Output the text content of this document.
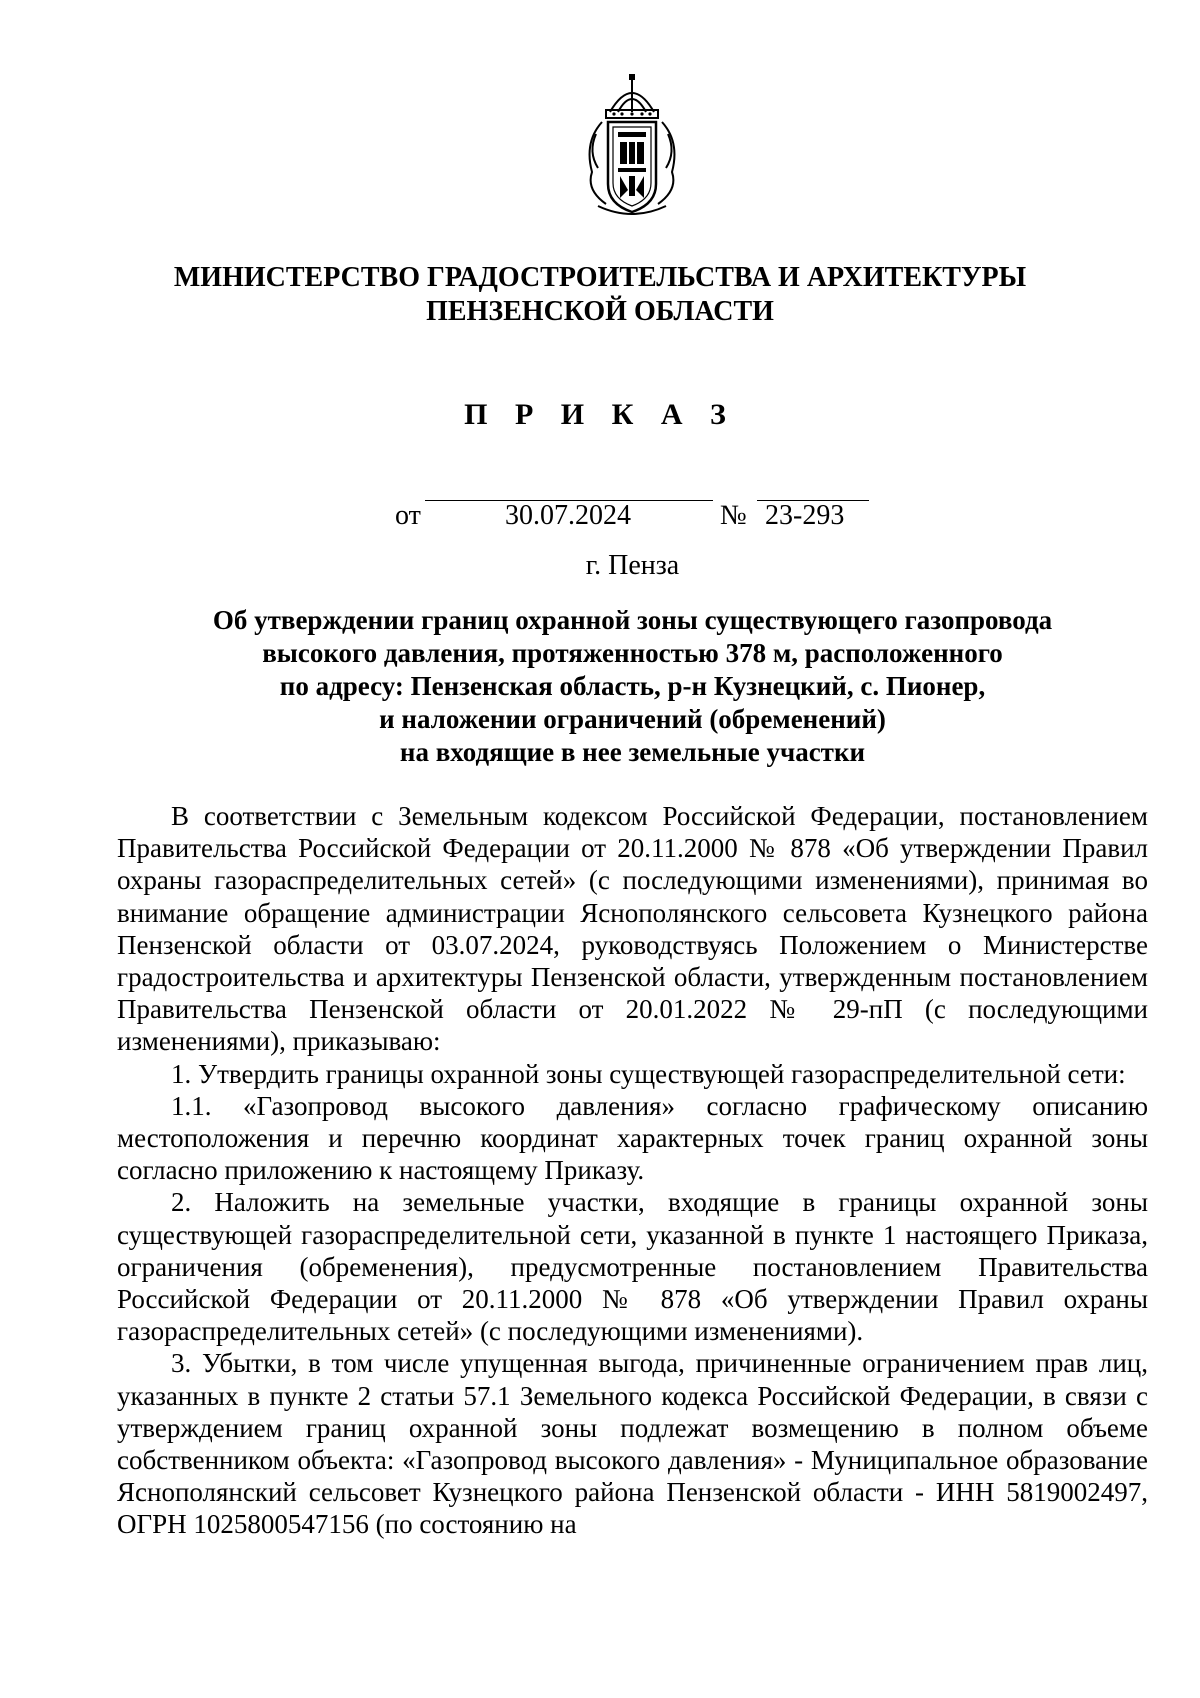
МИНИСТЕРСТВО ГРАДОСТРОИТЕЛЬСТВА И АРХИТЕКТУРЫ
ПЕНЗЕНСКОЙ ОБЛАСТИ
П Р И К А З
от	30.07.2024	№ 23-293
г. Пенза
Об утверждении границ охранной зоны существующего газопровода
высокого давления, протяженностью 378 м, расположенного
по адресу: Пензенская область, р-н Кузнецкий, с. Пионер,
и наложении ограничений (обременений)
на входящие в нее земельные участки

В соответствии с Земельным кодексом Российской Федерации, постановлением Правительства Российской Федерации от 20.11.2000 № 878 «Об утверждении Правил охраны газораспределительных сетей» (с последующими изменениями), принимая во внимание обращение администрации Яснополянского сельсовета Кузнецкого района Пензенской области от 03.07.2024, руководствуясь Положением о Министерстве градостроительства и архитектуры Пензенской области, утвержденным постановлением Правительства Пензенской области от 20.01.2022 № 29-пП (с последующими изменениями), приказываю:

1. Утвердить границы охранной зоны существующей газораспределительной сети:

1.1. «Газопровод высокого давления» согласно графическому описанию местоположения и перечню координат характерных точек границ охранной зоны согласно приложению к настоящему Приказу.

2. Наложить на земельные участки, входящие в границы охранной зоны существующей газораспределительной сети, указанной в пункте 1 настоящего Приказа, ограничения (обременения), предусмотренные постановлением Правительства Российской Федерации от 20.11.2000 № 878 «Об утверждении Правил охраны газораспределительных сетей» (с последующими изменениями).

3. Убытки, в том числе упущенная выгода, причиненные ограничением прав лиц, указанных в пункте 2 статьи 57.1 Земельного кодекса Российской Федерации, в связи с утверждением границ охранной зоны подлежат возмещению в полном объеме собственником объекта: «Газопровод высокого давления» - Муниципальное образование Яснополянский сельсовет Кузнецкого района Пензенской области - ИНН 5819002497, ОГРН 1025800547156 (по состоянию на
